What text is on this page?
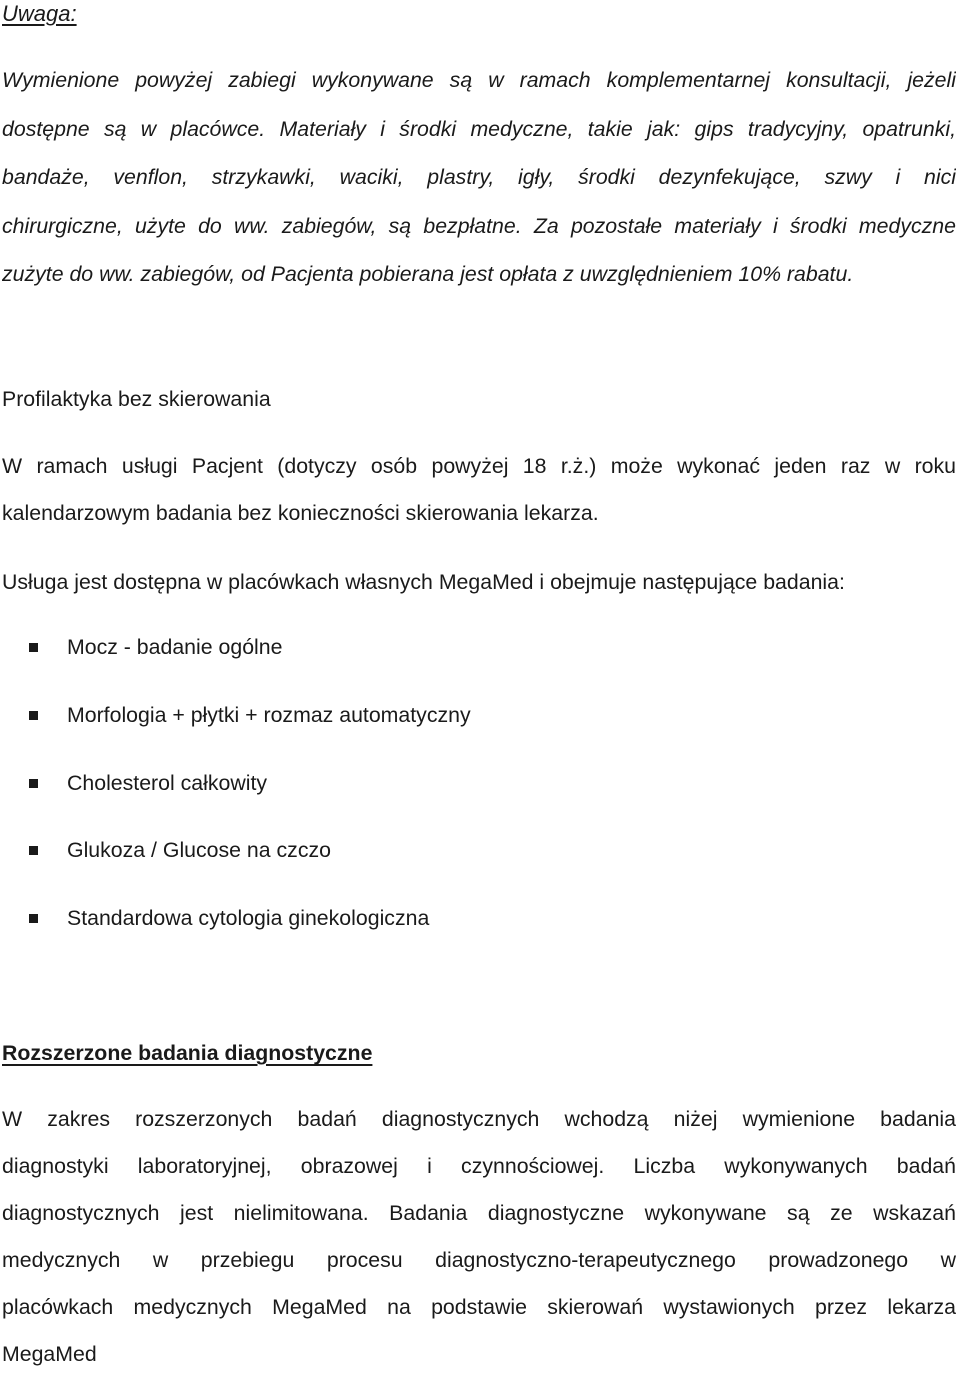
Uwaga:
Wymienione powyżej zabiegi wykonywane są w ramach komplementarnej konsultacji, jeżeli
dostępne są w placówce. Materiały i środki medyczne, takie jak: gips tradycyjny, opatrunki,
bandaże, venflon, strzykawki, waciki, plastry, igły, środki dezynfekujące, szwy i nici
chirurgiczne, użyte do ww. zabiegów, są bezpłatne. Za pozostałe materiały i środki medyczne
zużyte do ww. zabiegów, od Pacjenta pobierana jest opłata z uwzględnieniem 10% rabatu.
Profilaktyka bez skierowania
W ramach usługi Pacjent (dotyczy osób powyżej 18 r.ż.) może wykonać jeden raz w roku
kalendarzowym badania bez konieczności skierowania lekarza.
Usługa jest dostępna w placówkach własnych MegaMed i obejmuje następujące badania:
Mocz - badanie ogólne
Morfologia + płytki + rozmaz automatyczny
Cholesterol całkowity
Glukoza / Glucose na czczo
Standardowa cytologia ginekologiczna
Rozszerzone badania diagnostyczne
W zakres rozszerzonych badań diagnostycznych wchodzą niżej wymienione badania
diagnostyki laboratoryjnej, obrazowej i czynnościowej. Liczba wykonywanych badań
diagnostycznych jest nielimitowana. Badania diagnostyczne wykonywane są ze wskazań
medycznych w przebiegu procesu diagnostyczno-terapeutycznego prowadzonego w
placówkach medycznych MegaMed na podstawie skierowań wystawionych przez lekarza
MegaMed
